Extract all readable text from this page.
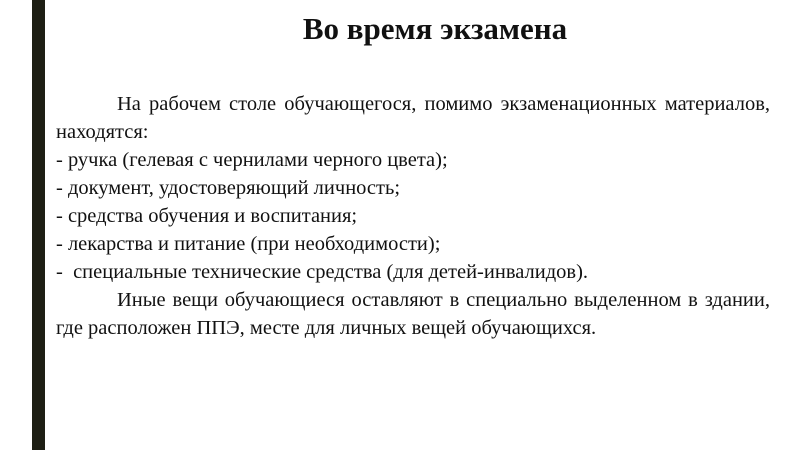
Во время экзамена

На рабочем столе обучающегося, помимо экзаменационных материалов, находятся:

- ручка (гелевая с чернилами черного цвета);

- документ, удостоверяющий личность;

- средства обучения и воспитания;

- лекарства и питание (при необходимости);

-  специальные технические средства (для детей-инвалидов).

Иные вещи обучающиеся оставляют в специально выделенном в здании, где расположен ППЭ, месте для личных вещей обучающихся.
